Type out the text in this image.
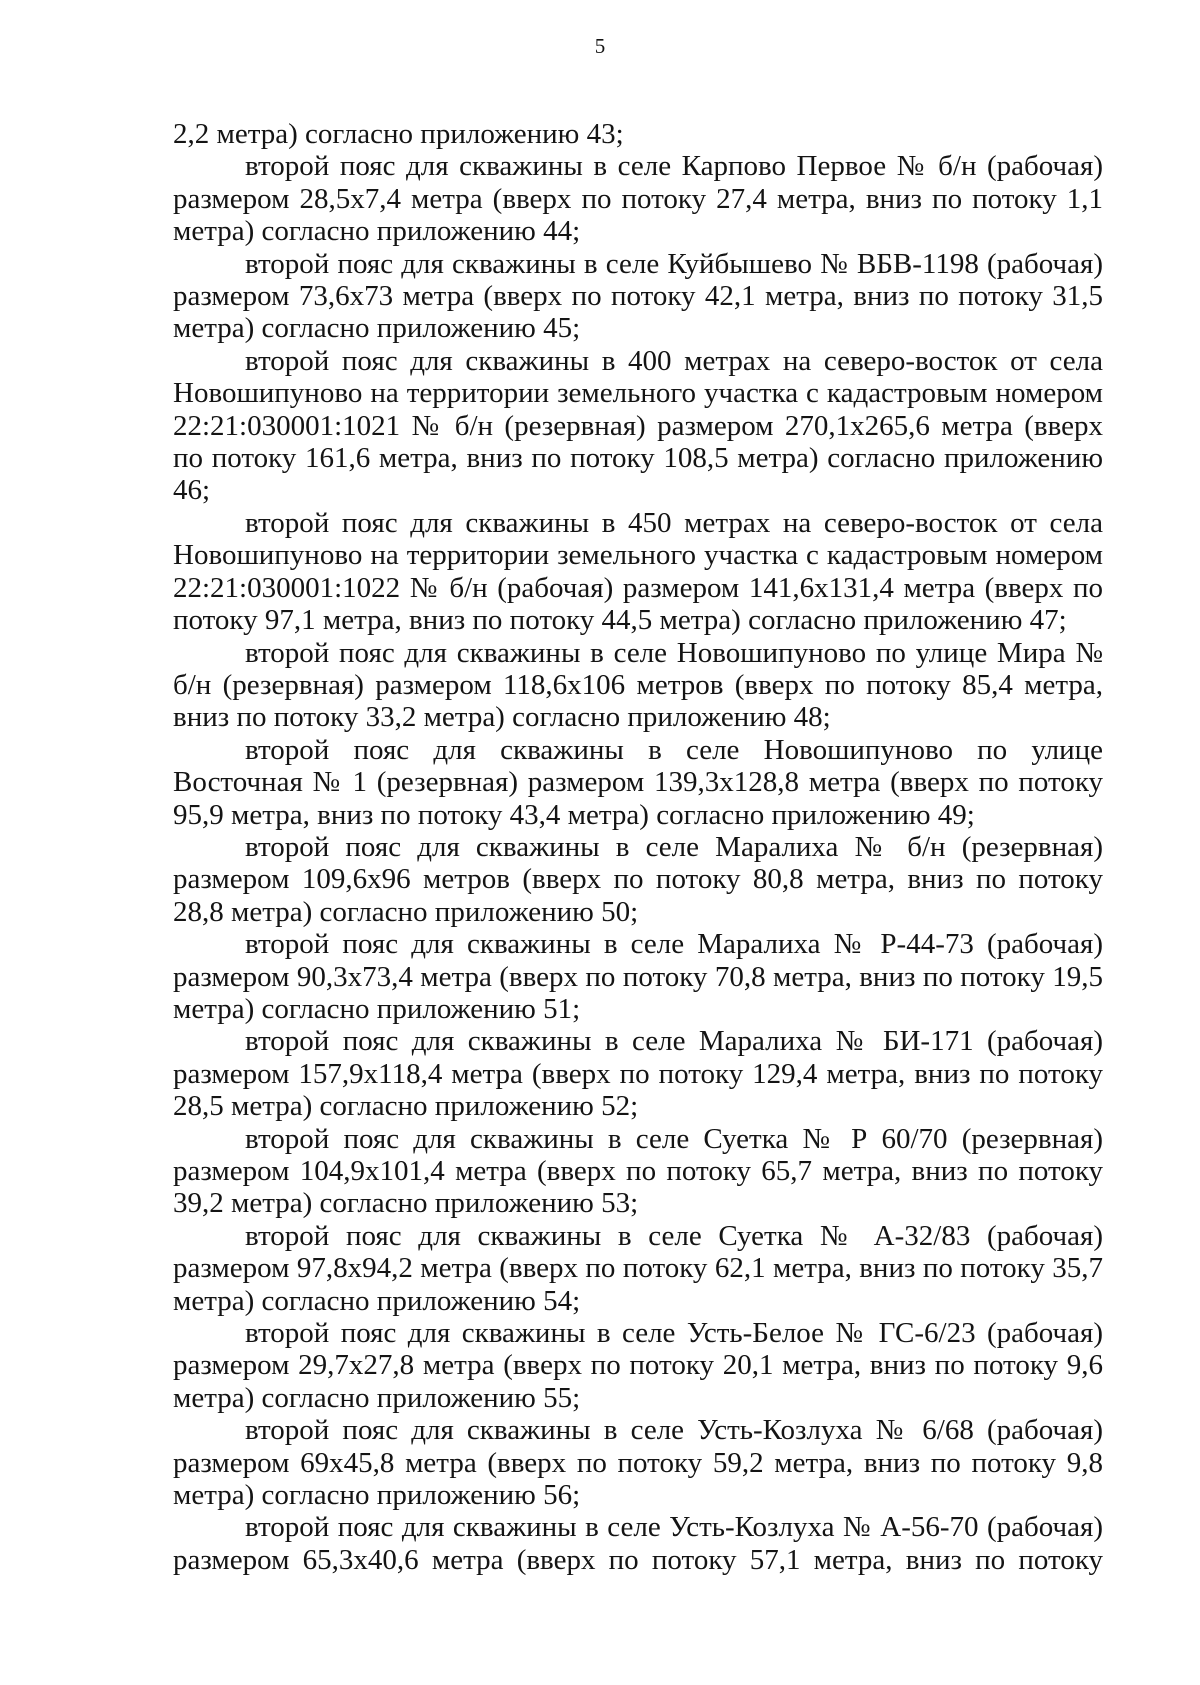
5

2,2 метра) согласно приложению 43;

второй пояс для скважины в селе Карпово Первое № б/н (рабочая) размером 28,5х7,4 метра (вверх по потоку 27,4 метра, вниз по потоку 1,1 метра) согласно приложению 44;

второй пояс для скважины в селе Куйбышево № ВБВ-1198 (рабочая) размером 73,6х73 метра (вверх по потоку 42,1 метра, вниз по потоку 31,5 метра) согласно приложению 45;

второй пояс для скважины в 400 метрах на северо-восток от села Новошипуново на территории земельного участка с кадастровым номером 22:21:030001:1021 № б/н (резервная) размером 270,1х265,6 метра (вверх по потоку 161,6 метра, вниз по потоку 108,5 метра) согласно приложению 46;

второй пояс для скважины в 450 метрах на северо-восток от села Новошипуново на территории земельного участка с кадастровым номером 22:21:030001:1022 № б/н (рабочая) размером 141,6х131,4 метра (вверх по потоку 97,1 метра, вниз по потоку 44,5 метра) согласно приложению 47;

второй пояс для скважины в селе Новошипуново по улице Мира № б/н (резервная) размером 118,6х106 метров (вверх по потоку 85,4 метра, вниз по потоку 33,2 метра) согласно приложению 48;

второй пояс для скважины в селе Новошипуново по улице Восточная № 1 (резервная) размером 139,3х128,8 метра (вверх по потоку 95,9 метра, вниз по потоку 43,4 метра) согласно приложению 49;

второй пояс для скважины в селе Маралиха № б/н (резервная) размером 109,6х96 метров (вверх по потоку 80,8 метра, вниз по потоку 28,8 метра) согласно приложению 50;

второй пояс для скважины в селе Маралиха № Р-44-73 (рабочая) размером 90,3х73,4 метра (вверх по потоку 70,8 метра, вниз по потоку 19,5 метра) согласно приложению 51;

второй пояс для скважины в селе Маралиха № БИ-171 (рабочая) размером 157,9х118,4 метра (вверх по потоку 129,4 метра, вниз по потоку 28,5 метра) согласно приложению 52;

второй пояс для скважины в селе Суетка № Р 60/70 (резервная) размером 104,9х101,4 метра (вверх по потоку 65,7 метра, вниз по потоку 39,2 метра) согласно приложению 53;

второй пояс для скважины в селе Суетка № А-32/83 (рабочая) размером 97,8х94,2 метра (вверх по потоку 62,1 метра, вниз по потоку 35,7 метра) согласно приложению 54;

второй пояс для скважины в селе Усть-Белое № ГС-6/23 (рабочая) размером 29,7х27,8 метра (вверх по потоку 20,1 метра, вниз по потоку 9,6 метра) согласно приложению 55;

второй пояс для скважины в селе Усть-Козлуха № 6/68 (рабочая) размером 69х45,8 метра (вверх по потоку 59,2 метра, вниз по потоку 9,8 метра) согласно приложению 56;

второй пояс для скважины в селе Усть-Козлуха № А-56-70 (рабочая) размером 65,3х40,6 метра (вверх по потоку 57,1 метра, вниз по потоку
